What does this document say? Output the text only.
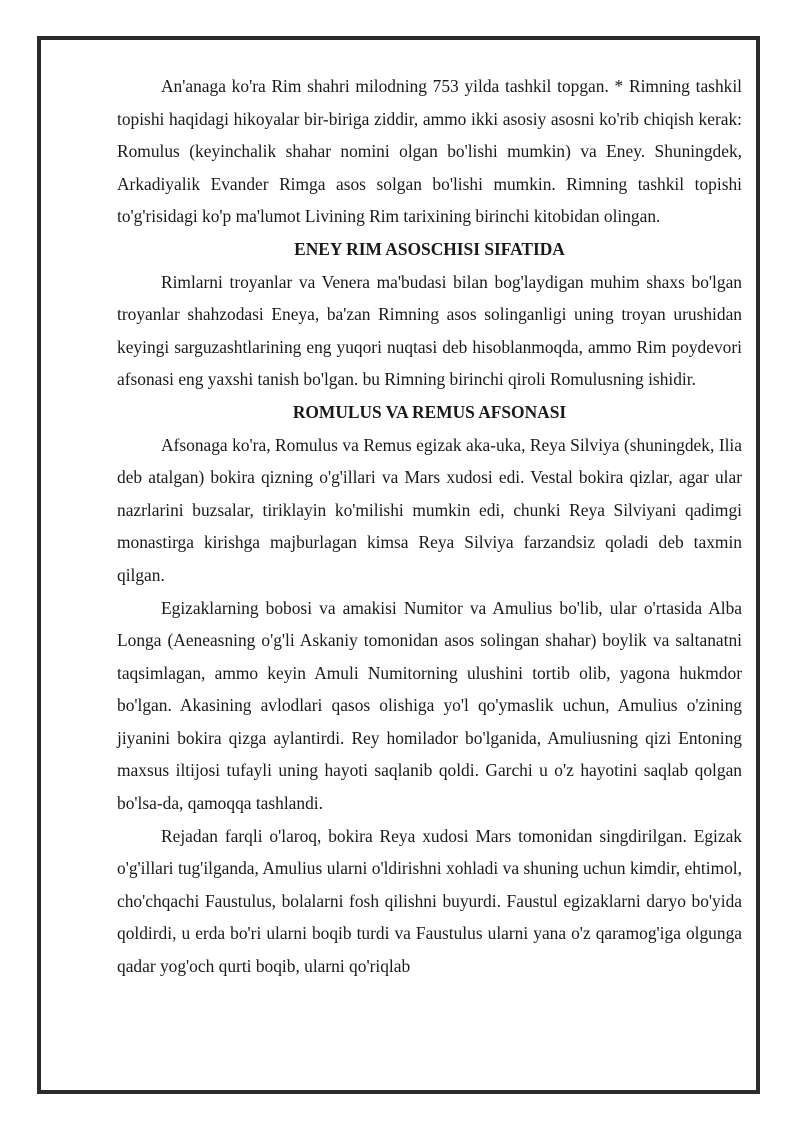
An'anaga ko'ra Rim shahri milodning 753 yilda tashkil topgan. * Rimning tashkil topishi haqidagi hikoyalar bir-biriga ziddir, ammo ikki asosiy asosni ko'rib chiqish kerak: Romulus (keyinchalik shahar nomini olgan bo'lishi mumkin) va Eney. Shuningdek, Arkadiyalik Evander Rimga asos solgan bo'lishi mumkin. Rimning tashkil topishi to'g'risidagi ko'p ma'lumot Livining Rim tarixining birinchi kitobidan olingan.

ENEY RIM ASOSCHISI SIFATIDA

Rimlarni troyanlar va Venera ma'budasi bilan bog'laydigan muhim shaxs bo'lgan troyanlar shahzodasi Eneya, ba'zan Rimning asos solinganligi uning troyan urushidan keyingi sarguzashtlarining eng yuqori nuqtasi deb hisoblanmoqda, ammo Rim poydevori afsonasi eng yaxshi tanish bo'lgan. bu Rimning birinchi qiroli Romulusning ishidir.

ROMULUS VA REMUS AFSONASI

Afsonaga ko'ra, Romulus va Remus egizak aka-uka, Reya Silviya (shuningdek, Ilia deb atalgan) bokira qizning o'g'illari va Mars xudosi edi. Vestal bokira qizlar, agar ular nazrlarini buzsalar, tiriklayin ko'milishi mumkin edi, chunki Reya Silviyani qadimgi monastirga kirishga majburlagan kimsa Reya Silviya farzandsiz qoladi deb taxmin qilgan.

Egizaklarning bobosi va amakisi Numitor va Amulius bo'lib, ular o'rtasida Alba Longa (Aeneasning o'g'li Askaniy tomonidan asos solingan shahar) boylik va saltanatni taqsimlagan, ammo keyin Amuli Numitorning ulushini tortib olib, yagona hukmdor bo'lgan. Akasining avlodlari qasos olishiga yo'l qo'ymaslik uchun, Amulius o'zining jiyanini bokira qizga aylantirdi. Rey homilador bo'lganida, Amuliusning qizi Entoning maxsus iltijosi tufayli uning hayoti saqlanib qoldi. Garchi u o'z hayotini saqlab qolgan bo'lsa-da, qamoqqa tashlandi.

Rejadan farqli o'laroq, bokira Reya xudosi Mars tomonidan singdirilgan. Egizak o'g'illari tug'ilganda, Amulius ularni o'ldirishni xohladi va shuning uchun kimdir, ehtimol, cho'chqachi Faustulus, bolalarni fosh qilishni buyurdi. Faustul egizaklarni daryo bo'yida qoldirdi, u erda bo'ri ularni boqib turdi va Faustulus ularni yana o'z qaramog'iga olgunga qadar yog'och qurti boqib, ularni qo'riqlab
